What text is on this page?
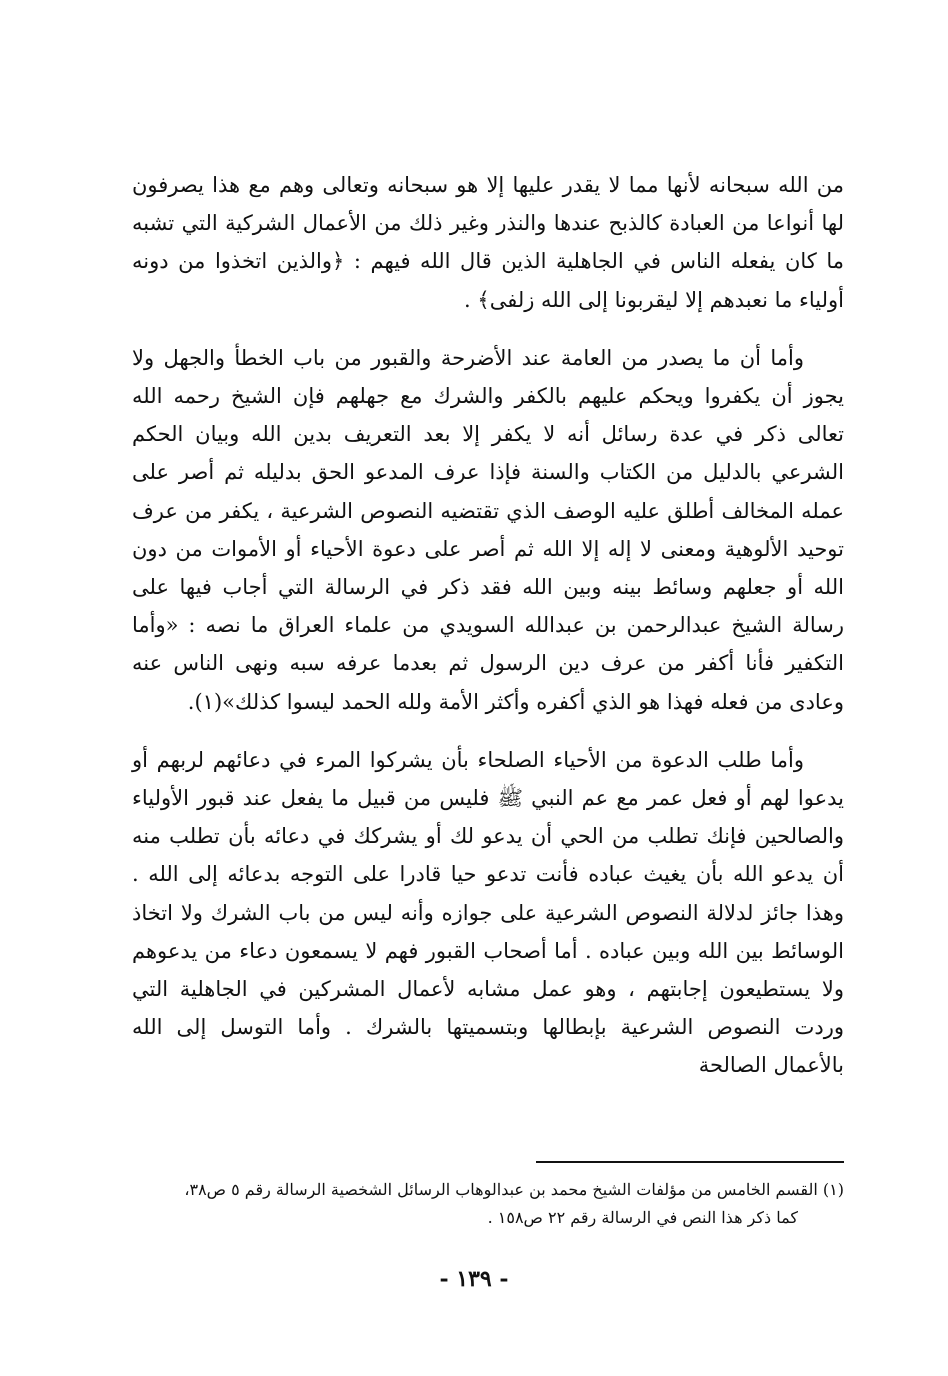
من الله سبحانه لأنها مما لا يقدر عليها إلا هو سبحانه وتعالى وهم مع هذا يصرفون لها أنواعا من العبادة كالذبح عندها والنذر وغير ذلك من الأعمال الشركية التي تشبه ما كان يفعله الناس في الجاهلية الذين قال الله فيهم : ﴿والذين اتخذوا من دونه أولياء ما نعبدهم إلا ليقربونا إلى الله زلفى﴾ .

وأما أن ما يصدر من العامة عند الأضرحة والقبور من باب الخطأ والجهل ولا يجوز أن يكفروا ويحكم عليهم بالكفر والشرك مع جهلهم فإن الشيخ رحمه الله تعالى ذكر في عدة رسائل أنه لا يكفر إلا بعد التعريف بدين الله وبيان الحكم الشرعي بالدليل من الكتاب والسنة فإذا عرف المدعو الحق بدليله ثم أصر على عمله المخالف أطلق عليه الوصف الذي تقتضيه النصوص الشرعية ، يكفر من عرف توحيد الألوهية ومعنى لا إله إلا الله ثم أصر على دعوة الأحياء أو الأموات من دون الله أو جعلهم وسائط بينه وبين الله فقد ذكر في الرسالة التي أجاب فيها على رسالة الشيخ عبدالرحمن بن عبدالله السويدي من علماء العراق ما نصه : «وأما التكفير فأنا أكفر من عرف دين الرسول ثم بعدما عرفه سبه ونهى الناس عنه وعادى من فعله فهذا هو الذي أكفره وأكثر الأمة ولله الحمد ليسوا كذلك»(١).

وأما طلب الدعوة من الأحياء الصلحاء بأن يشركوا المرء في دعائهم لربهم أو يدعوا لهم أو فعل عمر مع عم النبي ﷺ فليس من قبيل ما يفعل عند قبور الأولياء والصالحين فإنك تطلب من الحي أن يدعو لك أو يشركك في دعائه بأن تطلب منه أن يدعو الله بأن يغيث عباده فأنت تدعو حيا قادرا على التوجه بدعائه إلى الله . وهذا جائز لدلالة النصوص الشرعية على جوازه وأنه ليس من باب الشرك ولا اتخاذ الوسائط بين الله وبين عباده . أما أصحاب القبور فهم لا يسمعون دعاء من يدعوهم ولا يستطيعون إجابتهم ، وهو عمل مشابه لأعمال المشركين في الجاهلية التي وردت النصوص الشرعية بإبطالها وبتسميتها بالشرك . وأما التوسل إلى الله بالأعمال الصالحة

(١) القسم الخامس من مؤلفات الشيخ محمد بن عبدالوهاب الرسائل الشخصية الرسالة رقم ٥ ص٣٨،
كما ذكر هذا النص في الرسالة رقم ٢٢ ص١٥٨ .
- ١٣٩ -
